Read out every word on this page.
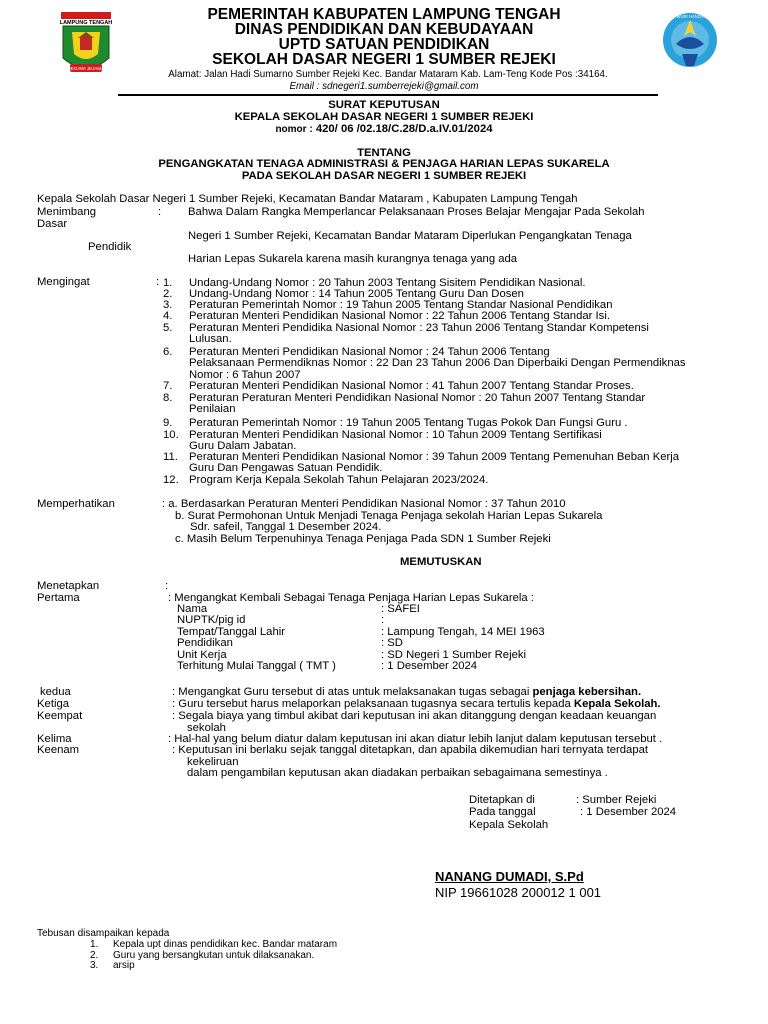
LAMPUNG TENGAH
BEGAWI JEJAMA
TUT WURI HANDAYANI
PEMERINTAH KABUPATEN LAMPUNG TENGAH
DINAS PENDIDIKAN DAN KEBUDAYAAN
UPTD SATUAN PENDIDIKAN
SEKOLAH DASAR NEGERI 1 SUMBER REJEKI
Alamat: Jalan Hadi Sumarno Sumber Rejeki Kec. Bandar Mataram Kab. Lam-Teng Kode Pos :34164.
Email : sdnegeri1.sumberrejeki@gmail.com
SURAT KEPUTUSAN
KEPALA SEKOLAH DASAR NEGERI 1 SUMBER REJEKI
nomor : 420/ 06 /02.18/C.28/D.a.IV.01/2024
TENTANG
PENGANGKATAN TENAGA ADMINISTRASI & PENJAGA HARIAN LEPAS SUKARELA
PADA SEKOLAH DASAR NEGERI 1 SUMBER REJEKI
Kepala Sekolah Dasar Negeri 1 Sumber Rejeki, Kecamatan Bandar Mataram , Kabupaten Lampung Tengah
Menimbang	: Bahwa Dalam Rangka Memperlancar Pelaksanaan Proses Belajar Mengajar Pada Sekolah
Dasar
Negeri 1 Sumber Rejeki, Kecamatan Bandar Mataram Diperlukan Pengangkatan Tenaga
Pendidik
Harian Lepas Sukarela karena masih kurangnya tenaga yang ada
Mengingat	: 1. Undang-Undang Nomor : 20 Tahun 2003 Tentang Sisitem Pendidikan Nasional.
2. Undang-Undang Nomor : 14 Tahun 2005 Tentang Guru Dan Dosen
3. Peraturan Pemerintah Nomor : 19 Tahun 2005 Tentang Standar Nasional Pendidikan
4. Peraturan Menteri Pendidikan Nasional Nomor : 22 Tahun 2006 Tentang Standar Isi.
5. Peraturan Menteri Pendidika Nasional Nomor : 23 Tahun 2006 Tentang Standar Kompetensi
Lulusan.
6. Peraturan Menteri Pendidikan Nasional Nomor : 24 Tahun 2006 Tentang
Pelaksanaan Permendiknas Nomor : 22 Dan 23 Tahun 2006 Dan Diperbaiki Dengan Permendiknas
Nomor : 6 Tahun 2007
7. Peraturan Menteri Pendidikan Nasional Nomor : 41 Tahun 2007 Tentang Standar Proses.
8. Peraturan Peraturan Menteri Pendidikan Nasional Nomor : 20 Tahun 2007 Tentang Standar
Penilaian
9. Peraturan Pemerintah Nomor : 19 Tahun 2005 Tentang Tugas Pokok Dan Fungsi Guru .
10. Peraturan Menteri Pendidikan Nasional Nomor : 10 Tahun 2009 Tentang Sertifikasi
Guru Dalam Jabatan.
11. Peraturan Menteri Pendidikan Nasional Nomor : 39 Tahun 2009 Tentang Pemenuhan Beban Kerja
Guru Dan Pengawas Satuan Pendidik.
12. Program Kerja Kepala Sekolah Tahun Pelajaran 2023/2024.
Memperhatikan	: a. Berdasarkan Peraturan Menteri Pendidikan Nasional Nomor : 37 Tahun 2010
b. Surat Permohonan Untuk Menjadi Tenaga Penjaga sekolah Harian Lepas Sukarela
Sdr. safeil, Tanggal 1 Desember 2024.
c. Masih Belum Terpenuhinya Tenaga Penjaga Pada SDN 1 Sumber Rejeki
MEMUTUSKAN
Menetapkan	:
Pertama	: Mengangkat Kembali Sebagai Tenaga Penjaga Harian Lepas Sukarela :
Nama	: SAFEI
NUPTK/pig id	:
Tempat/Tanggal Lahir	: Lampung Tengah, 14 MEI 1963
Pendidikan	: SD
Unit Kerja	: SD Negeri 1 Sumber Rejeki
Terhitung Mulai Tanggal ( TMT )	: 1 Desember 2024
kedua	: Mengangkat Guru tersebut di atas untuk melaksanakan tugas sebagai penjaga kebersihan.
Ketiga	: Guru tersebut harus melaporkan pelaksanaan tugasnya secara tertulis kepada Kepala Sekolah.
Keempat	: Segala biaya yang timbul akibat dari keputusan ini akan ditanggung dengan keadaan keuangan
sekolah
Kelima	: Hal-hal yang belum diatur dalam keputusan ini akan diatur lebih lanjut dalam keputusan tersebut .
Keenam	: Keputusan ini berlaku sejak tanggal ditetapkan, dan apabila dikemudian hari ternyata terdapat
kekeliruan
dalam pengambilan keputusan akan diadakan perbaikan sebagaimana semestinya .
Ditetapkan di	: Sumber Rejeki
Pada tanggal	: 1 Desember 2024
Kepala Sekolah
NANANG DUMADI, S.Pd
NIP 19661028 200012 1 001
Tebusan disampaikan kepada
1. Kepala upt dinas pendidikan kec. Bandar mataram
2. Guru yang bersangkutan untuk dilaksanakan.
3. arsip
